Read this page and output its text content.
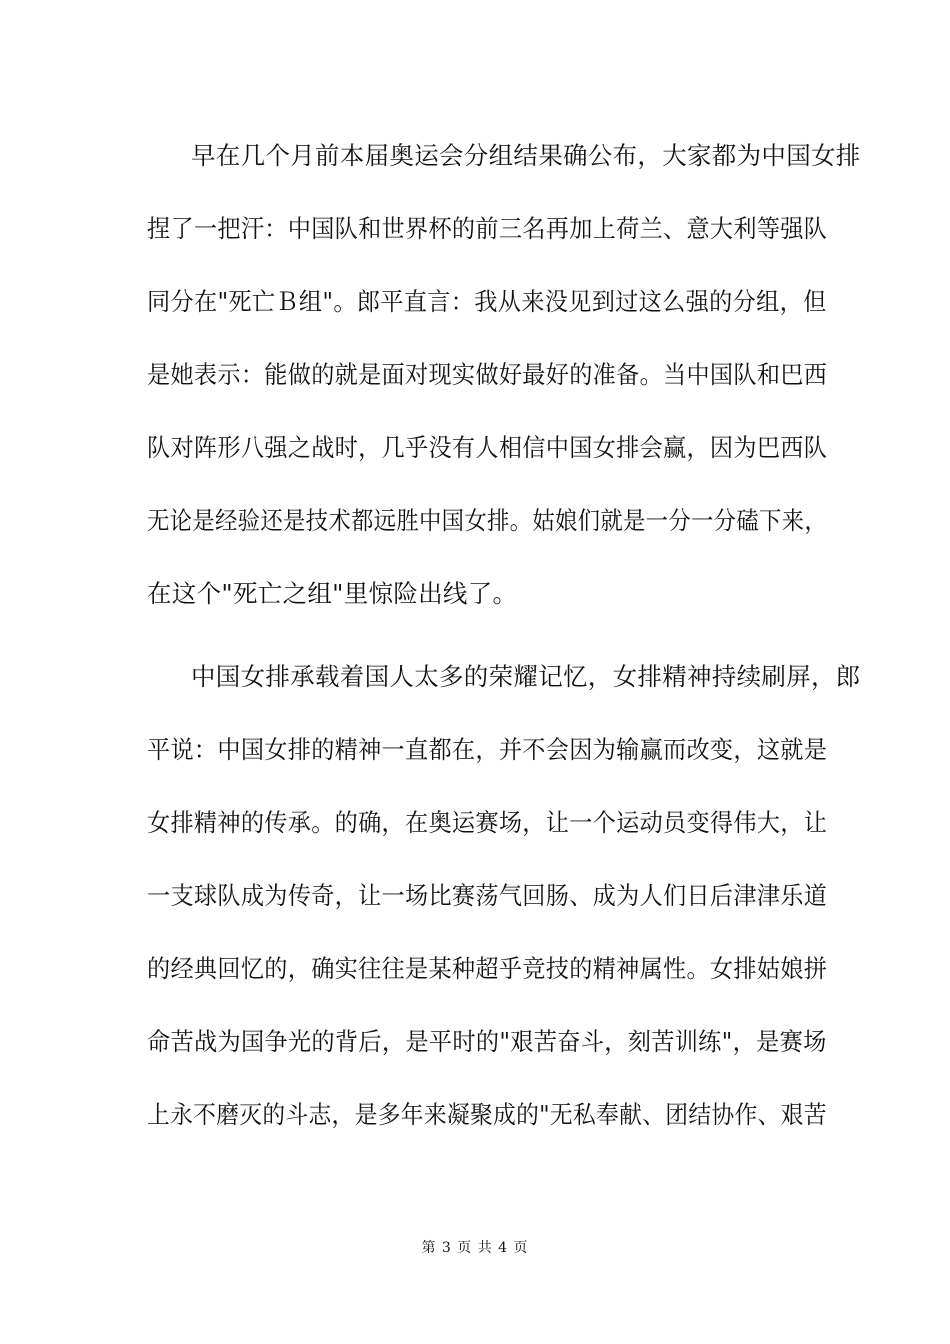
早在几个月前本届奥运会分组结果确公布，大家都为中国女排
捏了一把汗：中国队和世界杯的前三名再加上荷兰、意大利等强队
同分在"死亡Ｂ组"。郎平直言：我从来没见到过这么强的分组，但
是她表示：能做的就是面对现实做好最好的准备。当中国队和巴西
队对阵形八强之战时，几乎没有人相信中国女排会赢，因为巴西队
无论是经验还是技术都远胜中国女排。姑娘们就是一分一分磕下来，
在这个"死亡之组"里惊险出线了。
中国女排承载着国人太多的荣耀记忆，女排精神持续刷屏，郎
平说：中国女排的精神一直都在，并不会因为输赢而改变，这就是
女排精神的传承。的确，在奥运赛场，让一个运动员变得伟大，让
一支球队成为传奇，让一场比赛荡气回肠、成为人们日后津津乐道
的经典回忆的，确实往往是某种超乎竞技的精神属性。女排姑娘拼
命苦战为国争光的背后，是平时的"艰苦奋斗，刻苦训练"，是赛场
上永不磨灭的斗志，是多年来凝聚成的"无私奉献、团结协作、艰苦
第 3 页 共 4 页
